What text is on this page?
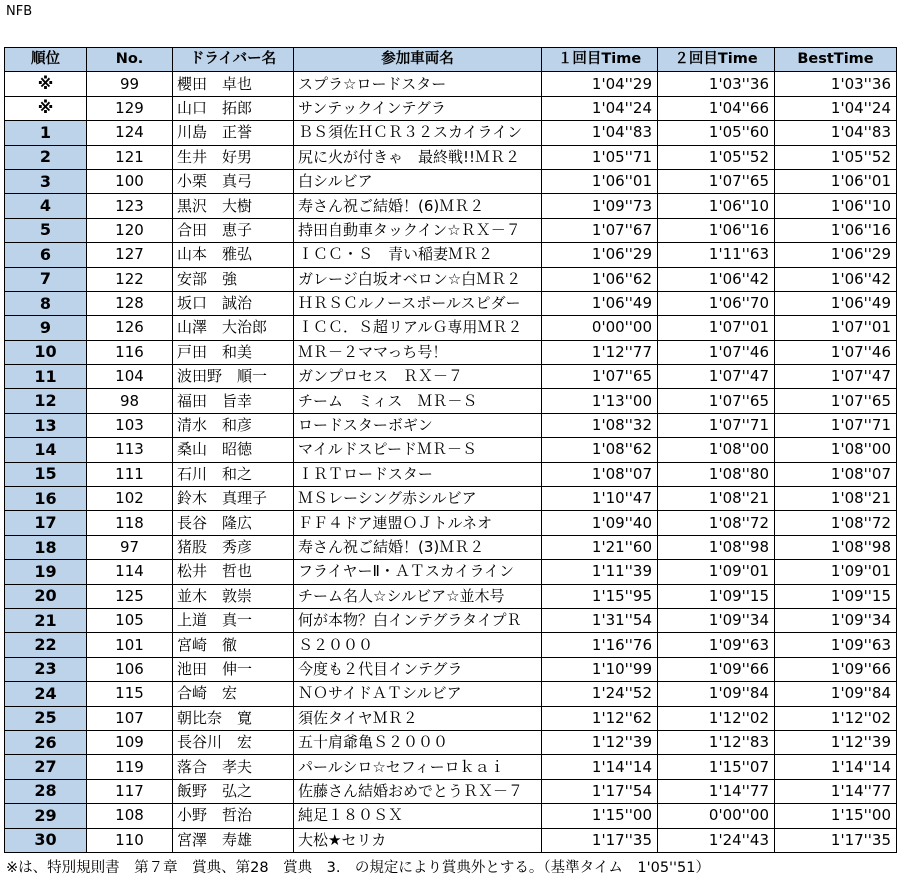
NFB
順位	No.	ドライバー名	参加車両名	１回目Time	２回目Time	BestTime
※	99	櫻田　卓也	スプラ☆ロードスター	1'04''29	1'03''36	1'03''36
※	129	山口　拓郎	サンテックインテグラ	1'04''24	1'04''66	1'04''24
1	124	川島　正誉	ＢＳ須佐ＨＣＲ３２スカイライン	1'04''83	1'05''60	1'04''83
2	121	生井　好男	尻に火が付きゃ　最終戦!!ＭＲ２	1'05''71	1'05''52	1'05''52
3	100	小栗　真弓	白シルビア	1'06''01	1'07''65	1'06''01
4	123	黒沢　大樹	寿さん祝ご結婚！(6)ＭＲ２	1'09''73	1'06''10	1'06''10
5	120	合田　恵子	持田自動車タックイン☆ＲＸ－７	1'07''67	1'06''16	1'06''16
6	127	山本　雅弘	ＩＣＣ・Ｓ　青い稲妻ＭＲ２	1'06''29	1'11''63	1'06''29
7	122	安部　強	ガレージ白坂オベロン☆白ＭＲ２	1'06''62	1'06''42	1'06''42
8	128	坂口　誠治	ＨＲＳＣルノースポールスピダー	1'06''49	1'06''70	1'06''49
9	126	山澤　大治郎	ＩＣＣ．Ｓ超リアルＧ専用ＭＲ２	0'00''00	1'07''01	1'07''01
10	116	戸田　和美	ＭＲ－２ママっち号！	1'12''77	1'07''46	1'07''46
11	104	波田野　順一	ガンプロセス　ＲＸ－７	1'07''65	1'07''47	1'07''47
12	98	福田　旨幸	チーム　ミィス　ＭＲ－Ｓ	1'13''00	1'07''65	1'07''65
13	103	清水　和彦	ロードスターボギン	1'08''32	1'07''71	1'07''71
14	113	桑山　昭徳	マイルドスピードＭＲ－Ｓ	1'08''62	1'08''00	1'08''00
15	111	石川　和之	ＩＲＴロードスター	1'08''07	1'08''80	1'08''07
16	102	鈴木　真理子	ＭＳレーシング赤シルビア	1'10''47	1'08''21	1'08''21
17	118	長谷　隆広	ＦＦ４ドア連盟ＯＪトルネオ	1'09''40	1'08''72	1'08''72
18	97	猪股　秀彦	寿さん祝ご結婚！(3)ＭＲ２	1'21''60	1'08''98	1'08''98
19	114	松井　哲也	フライヤーⅡ・ＡＴスカイライン	1'11''39	1'09''01	1'09''01
20	125	並木　敦崇	チーム名人☆シルビア☆並木号	1'15''95	1'09''15	1'09''15
21	105	上道　真一	何が本物？白インテグラタイプＲ	1'31''54	1'09''34	1'09''34
22	101	宮崎　徹	Ｓ２０００	1'16''76	1'09''63	1'09''63
23	106	池田　伸一	今度も２代目インテグラ	1'10''99	1'09''66	1'09''66
24	115	合崎　宏	ＮＯサイドＡＴシルビア	1'24''52	1'09''84	1'09''84
25	107	朝比奈　寛	須佐タイヤＭＲ２	1'12''62	1'12''02	1'12''02
26	109	長谷川　宏	五十肩爺亀Ｓ２０００	1'12''39	1'12''83	1'12''39
27	119	落合　孝夫	パールシロ☆セフィーロｋａｉ	1'14''14	1'15''07	1'14''14
28	117	飯野　弘之	佐藤さん結婚おめでとうＲＸ－７	1'17''54	1'14''77	1'14''77
29	108	小野　哲治	純足１８０ＳＸ	1'15''00	0'00''00	1'15''00
30	110	宮澤　寿雄	大松★セリカ	1'17''35	1'24''43	1'17''35
※は、特別規則書　第７章　賞典、第28　賞典　3.　の規定により賞典外とする。（基準タイム　1'05''51）
